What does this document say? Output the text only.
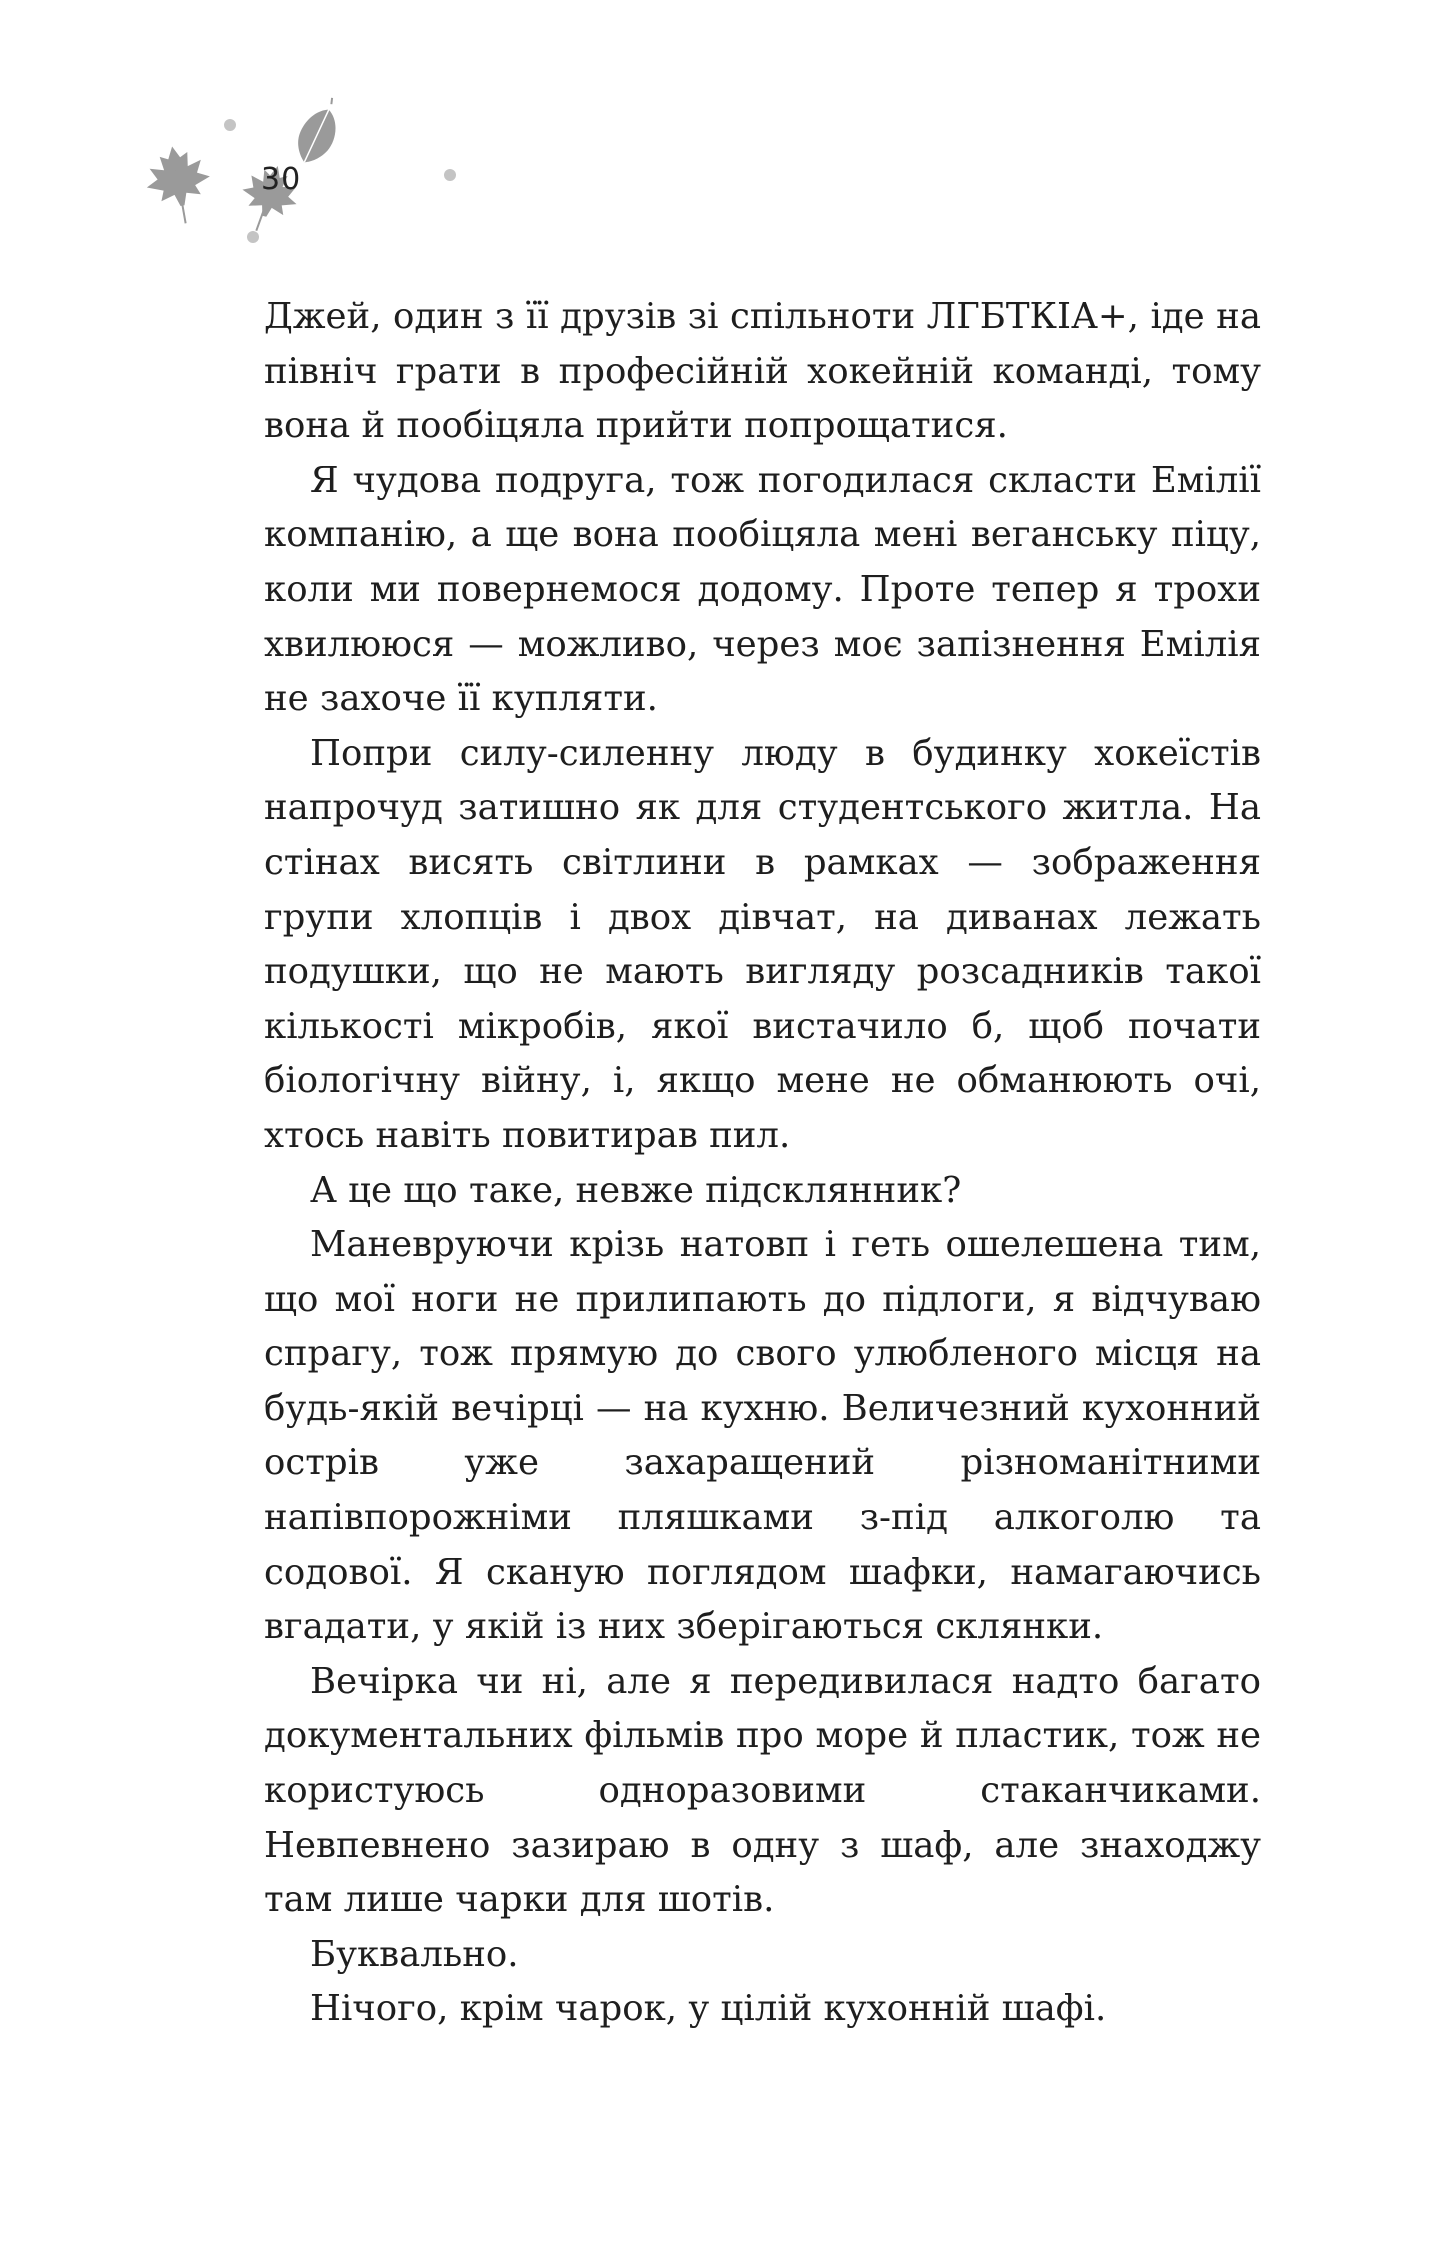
30

Джей, один з її друзів зі спільноти ЛГБТКІА+, іде на північ грати в професійній хокейній команді, тому вона й пообіцяла прийти попрощатися.

Я чудова подруга, тож погодилася скласти Емілії компанію, а ще вона пообіцяла мені веганську піцу, коли ми повернемося додому. Проте тепер я трохи хвилююся — можливо, через моє запізнення Емілія не захоче її купляти.

Попри силу-силенну люду в будинку хокеїстів напрочуд затишно як для студентського житла. На стінах висять світлини в рамках — зображення групи хлопців і двох дівчат, на диванах лежать подушки, що не мають вигляду розсадників такої кількості мікробів, якої вистачило б, щоб почати біологічну війну, і, якщо мене не обманюють очі, хтось навіть повитирав пил.

А це що таке, невже підсклянник?

Маневруючи крізь натовп і геть ошелешена тим, що мої ноги не прилипають до підлоги, я відчуваю спрагу, тож прямую до свого улюбленого місця на будь-якій вечірці — на кухню. Величезний кухонний острів уже захаращений різноманітними напівпорожніми пляшками з-під алкоголю та содової. Я сканую поглядом шафки, намагаючись вгадати, у якій із них зберігаються склянки.

Вечірка чи ні, але я передивилася надто багато документальних фільмів про море й пластик, тож не користуюсь одноразовими стаканчиками. Невпевнено зазираю в одну з шаф, але знаходжу там лише чарки для шотів.

Буквально.

Нічого, крім чарок, у цілій кухонній шафі.
